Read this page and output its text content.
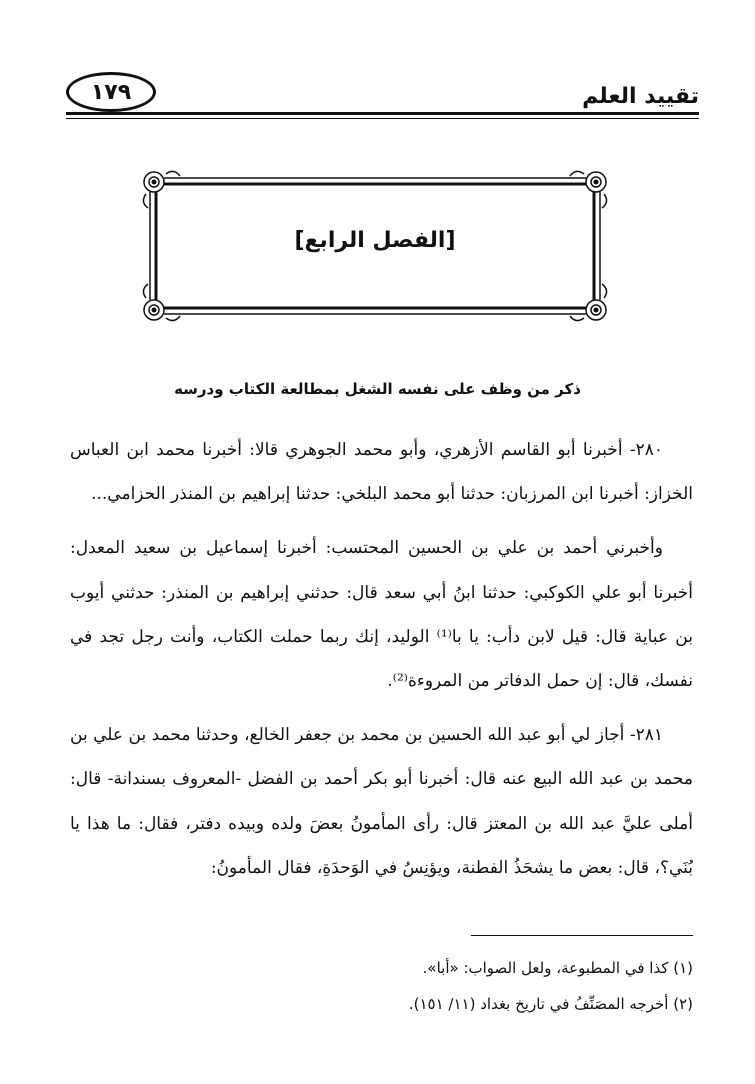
تقييد العلم
١٧٩
[الفصل الرابع]
ذكر من وظف على نفسه الشغل بمطالعة الكتاب ودرسه

٢٨٠- أخبرنا أبو القاسم الأزهري، وأبو محمد الجوهري قالا: أخبرنا محمد ابن العباس الخزاز: أخبرنا ابن المرزبان: حدثنا أبو محمد البلخي: حدثنا إبراهيم بن المنذر الحزامي...

وأخبرني أحمد بن علي بن الحسين المحتسب: أخبرنا إسماعيل بن سعيد المعدل: أخبرنا أبو علي الكوكبي: حدثنا ابنُ أبي سعد قال: حدثني إبراهيم بن المنذر: حدثني أيوب بن عباية قال: قيل لابن دأب: يا با⁽¹⁾ الوليد، إنك ربما حملت الكتاب، وأنت رجل تجد في نفسك، قال: إن حمل الدفاتر من المروءة⁽²⁾.

٢٨١- أجاز لي أبو عبد الله الحسين بن محمد بن جعفر الخالع، وحدثنا محمد بن علي بن محمد بن عبد الله البيع عنه قال: أخبرنا أبو بكر أحمد بن الفضل -المعروف بسندانة- قال: أملى عليَّ عبد الله بن المعتز قال: رأى المأمونُ بعضَ ولده وبيده دفتر، فقال: ما هذا يا بُنَي؟، قال: بعض ما يشحَذُ الفطنة، ويؤنِسُ في الوَحدَةِ، فقال المأمونُ:

(١) كذا في المطبوعة، ولعل الصواب: «أبا».

(٢) أخرجه المصَنِّفُ في تاريخ بغداد (١١/ ١٥١).
